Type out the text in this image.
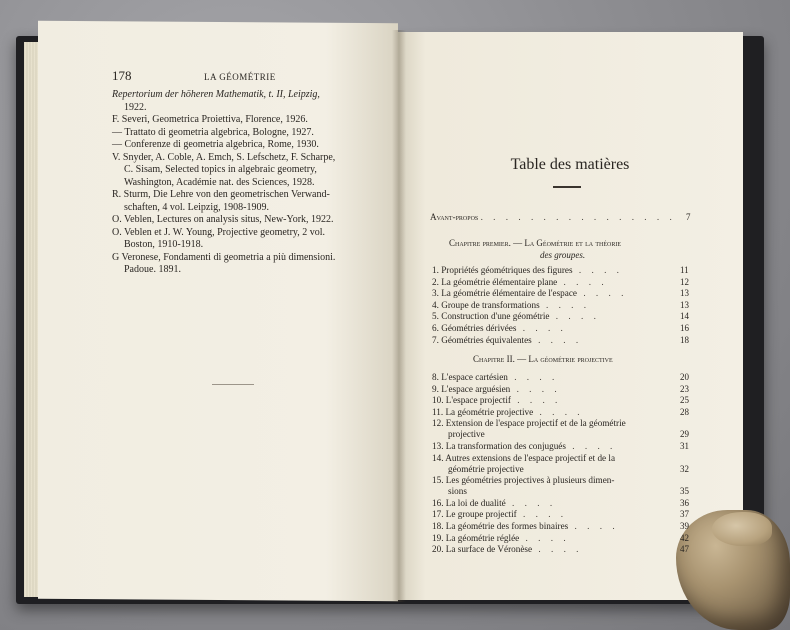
178	LA GÉOMÉTRIE

Repertorium der höheren Mathematik, t. II, Leipzig,

1922.

F. Severi, Geometrica Proiettiva, Florence, 1926.

— Trattato di geometria algebrica, Bologne, 1927.

— Conferenze di geometria algebrica, Rome, 1930.

V. Snyder, A. Coble, A. Emch, S. Lefschetz, F. Scharpe,

C. Sisam, Selected topics in algebraic geometry,

Washington, Académie nat. des Sciences, 1928.

R. Sturm, Die Lehre von den geometrischen Verwand-

schaften, 4 vol. Leipzig, 1908-1909.

O. Veblen, Lectures on analysis situs, New-York, 1922.

O. Veblen et J. W. Young, Projective geometry, 2 vol.

Boston, 1910-1918.

G Veronese, Fondamenti di geometria a più dimensioni.

Padoue. 1891.

Table des matières
Avant-propos . . . . . . . . . . . . . . . . 7
Chapitre premier. — La Géométrie et la théorie
des groupes.
Chapitre II. — La géométrie projective
1. Propriétés géométriques des figures . . . .	11
2. La géométrie élémentaire plane . . . .	12
3. La géométrie élémentaire de l'espace . . . .	13
4. Groupe de transformations . . . .	13
5. Construction d'une géométrie . . . .	14
6. Géométries dérivées . . . .	16
7. Géométries équivalentes . . . .	18
8. L'espace cartésien . . . .	20
9. L'espace arguésien . . . .	23
10. L'espace projectif . . . .	25
11. La géométrie projective . . . .	28
12. Extension de l'espace projectif et de la géométrie
projective	29
13. La transformation des conjugués . . . .	31
14. Autres extensions de l'espace projectif et de la
géométrie projective	32
15. Les géométries projectives à plusieurs dimen-
sions	35
16. La loi de dualité . . . .	36
17. Le groupe projectif . . . .	37
18. La géométrie des formes binaires . . . .	39
19. La géométrie réglée . . . .	42
20. La surface de Véronèse . . . .	47
